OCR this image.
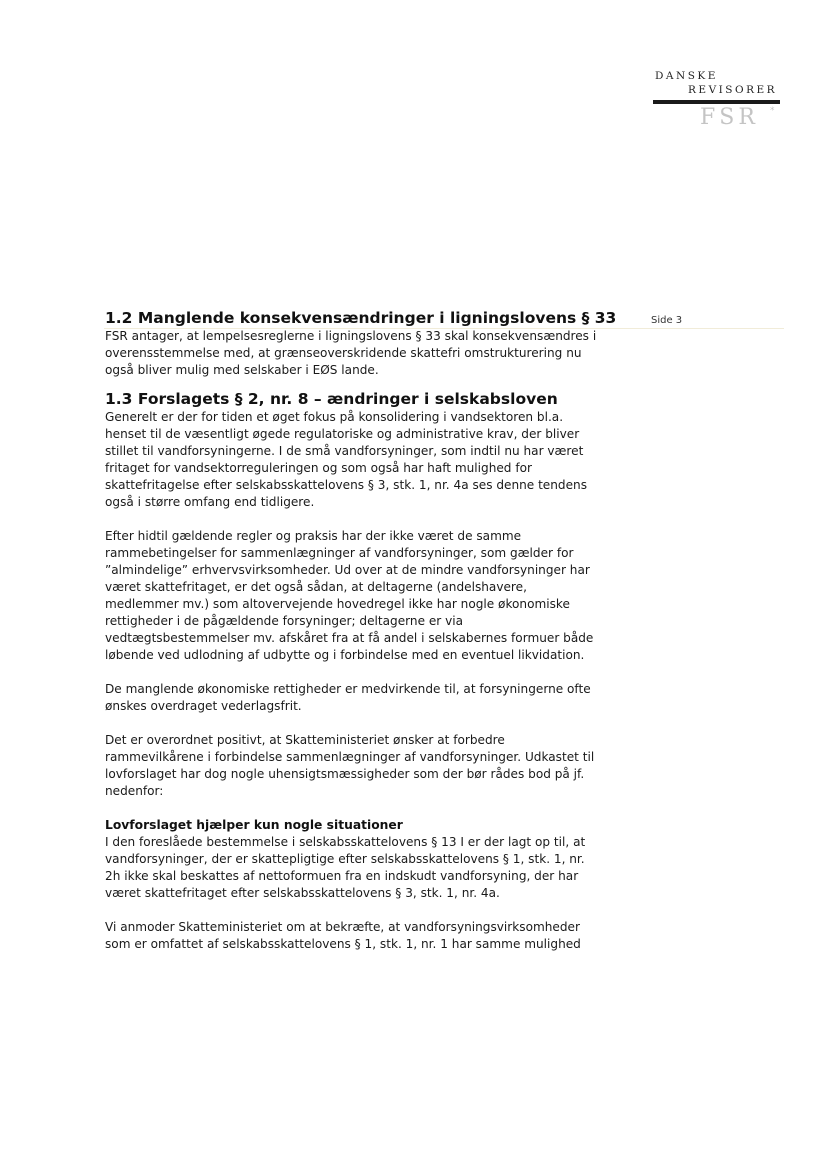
DANSKE
REVISORER
FSR *
Side 3
1.2 Manglende konsekvensændringer i ligningslovens § 33

FSR antager, at lempelsesreglerne i ligningslovens § 33 skal konsekvensændres i
overensstemmelse med, at grænseoverskridende skattefri omstrukturering nu
også bliver mulig med selskaber i EØS lande.

1.3 Forslagets § 2, nr. 8 – ændringer i selskabsloven

Generelt er der for tiden et øget fokus på konsolidering i vandsektoren bl.a.
henset til de væsentligt øgede regulatoriske og administrative krav, der bliver
stillet til vandforsyningerne. I de små vandforsyninger, som indtil nu har været
fritaget for vandsektorreguleringen og som også har haft mulighed for
skattefritagelse efter selskabsskattelovens § 3, stk. 1, nr. 4a ses denne tendens
også i større omfang end tidligere.

Efter hidtil gældende regler og praksis har der ikke været de samme
rammebetingelser for sammenlægninger af vandforsyninger, som gælder for
”almindelige” erhvervsvirksomheder. Ud over at de mindre vandforsyninger har
været skattefritaget, er det også sådan, at deltagerne (andelshavere,
medlemmer mv.) som altovervejende hovedregel ikke har nogle økonomiske
rettigheder i de pågældende forsyninger; deltagerne er via
vedtægtsbestemmelser mv. afskåret fra at få andel i selskabernes formuer både
løbende ved udlodning af udbytte og i forbindelse med en eventuel likvidation.

De manglende økonomiske rettigheder er medvirkende til, at forsyningerne ofte
ønskes overdraget vederlagsfrit.

Det er overordnet positivt, at Skatteministeriet ønsker at forbedre
rammevilkårene i forbindelse sammenlægninger af vandforsyninger. Udkastet til
lovforslaget har dog nogle uhensigtsmæssigheder som der bør rådes bod på jf.
nedenfor:

Lovforslaget hjælper kun nogle situationer

I den foreslåede bestemmelse i selskabsskattelovens § 13 I er der lagt op til, at
vandforsyninger, der er skattepligtige efter selskabsskattelovens § 1, stk. 1, nr.
2h ikke skal beskattes af nettoformuen fra en indskudt vandforsyning, der har
været skattefritaget efter selskabsskattelovens § 3, stk. 1, nr. 4a.

Vi anmoder Skatteministeriet om at bekræfte, at vandforsyningsvirksomheder
som er omfattet af selskabsskattelovens § 1, stk. 1, nr. 1 har samme mulighed
